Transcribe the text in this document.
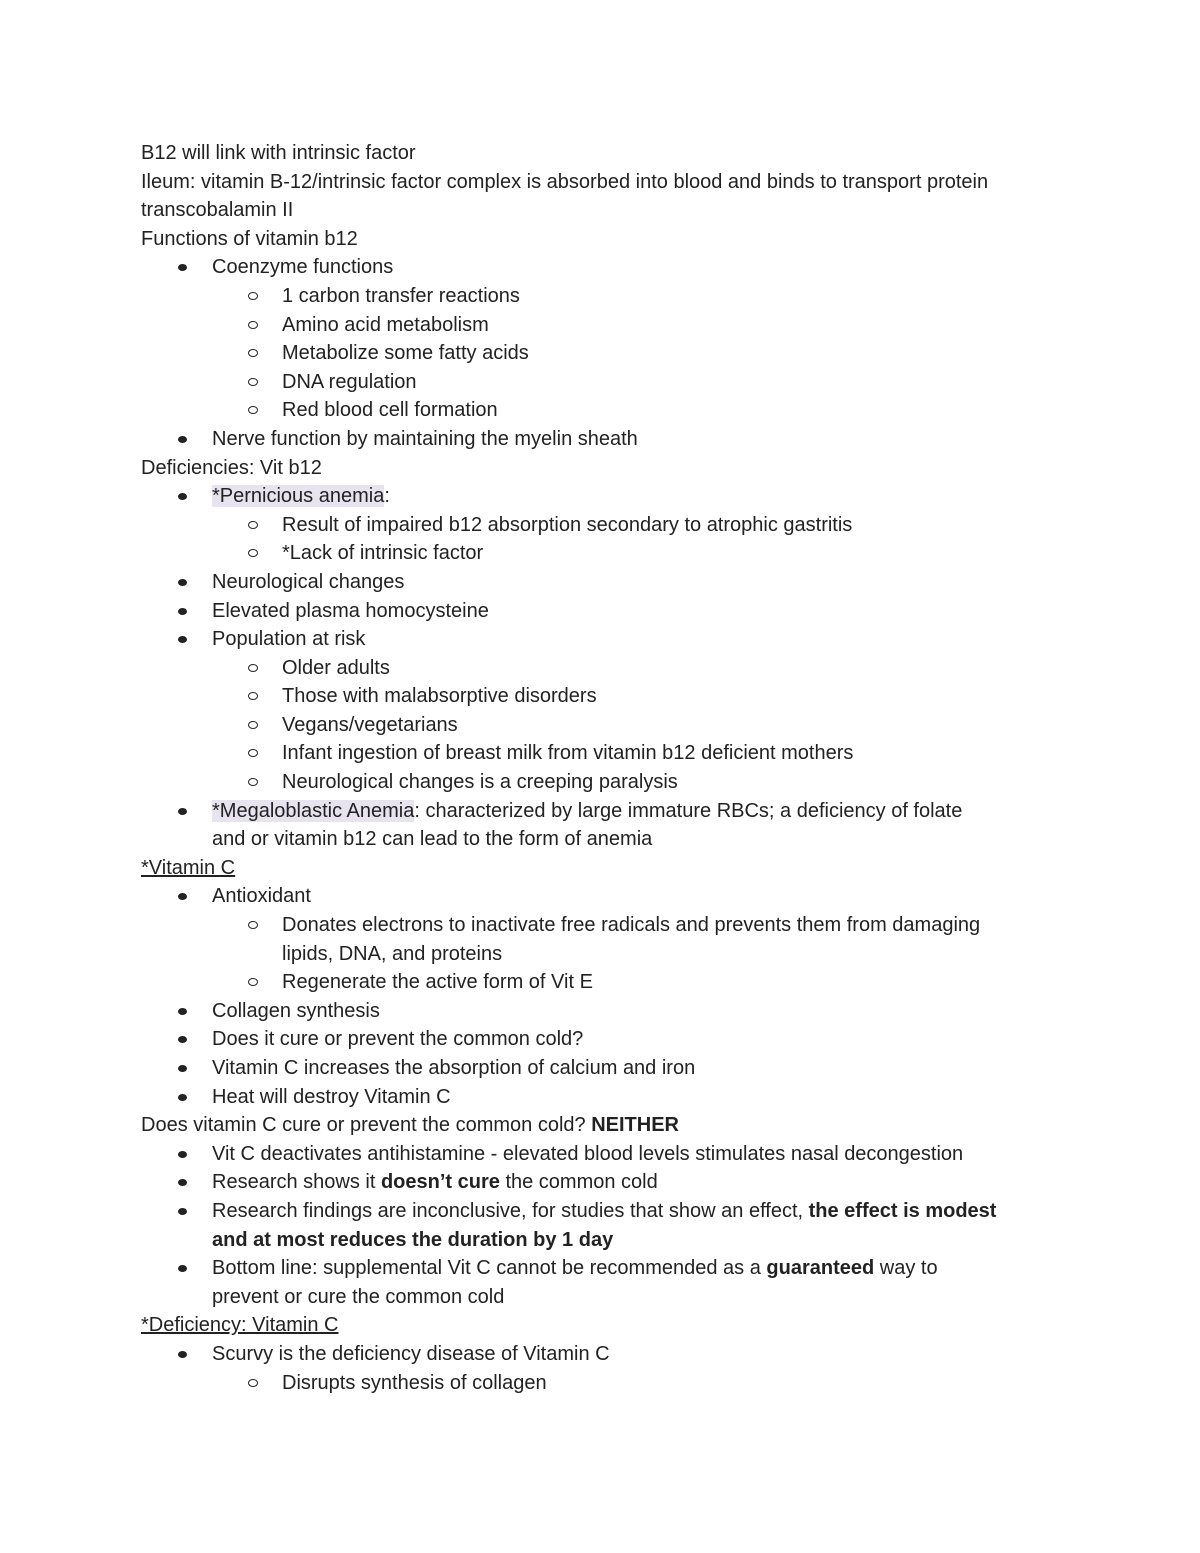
B12 will link with intrinsic factor
Ileum: vitamin B-12/intrinsic factor complex is absorbed into blood and binds to transport protein
transcobalamin II
Functions of vitamin b12
Coenzyme functions
1 carbon transfer reactions
Amino acid metabolism
Metabolize some fatty acids
DNA regulation
Red blood cell formation
Nerve function by maintaining the myelin sheath
Deficiencies: Vit b12
*Pernicious anemia:
Result of impaired b12 absorption secondary to atrophic gastritis
*Lack of intrinsic factor
Neurological changes
Elevated plasma homocysteine
Population at risk
Older adults
Those with malabsorptive disorders
Vegans/vegetarians
Infant ingestion of breast milk from vitamin b12 deficient mothers
Neurological changes is a creeping paralysis
*Megaloblastic Anemia: characterized by large immature RBCs; a deficiency of folate
and or vitamin b12 can lead to the form of anemia
*Vitamin C
Antioxidant
Donates electrons to inactivate free radicals and prevents them from damaging
lipids, DNA, and proteins
Regenerate the active form of Vit E
Collagen synthesis
Does it cure or prevent the common cold?
Vitamin C increases the absorption of calcium and iron
Heat will destroy Vitamin C
Does vitamin C cure or prevent the common cold? NEITHER
Vit C deactivates antihistamine - elevated blood levels stimulates nasal decongestion
Research shows it doesn’t cure the common cold
Research findings are inconclusive, for studies that show an effect, the effect is modest
and at most reduces the duration by 1 day
Bottom line: supplemental Vit C cannot be recommended as a guaranteed way to
prevent or cure the common cold
*Deficiency: Vitamin C
Scurvy is the deficiency disease of Vitamin C
Disrupts synthesis of collagen
